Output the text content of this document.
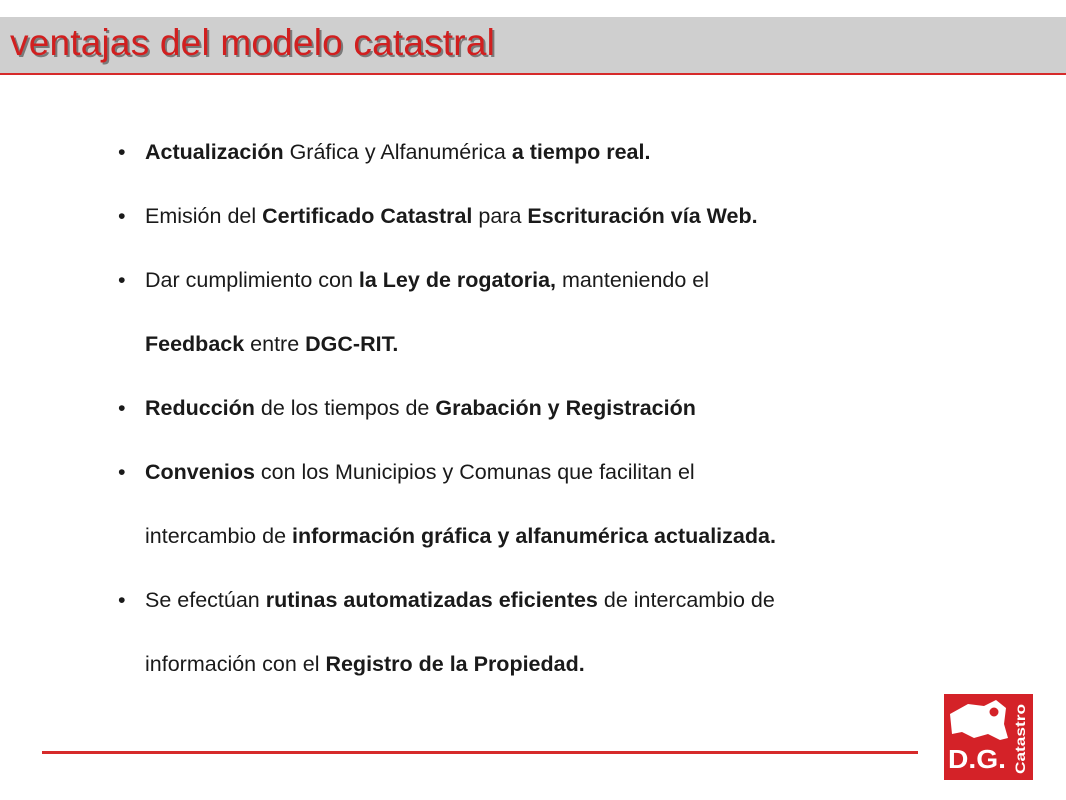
ventajas del modelo catastral
• Actualización Gráfica y Alfanumérica a tiempo real.
• Emisión del Certificado Catastral para Escrituración vía Web.
• Dar cumplimiento con la Ley de rogatoria, manteniendo el
Feedback entre DGC-RIT.
• Reducción de los tiempos de Grabación y Registración
• Convenios con los Municipios y Comunas que facilitan el
intercambio de información gráfica y alfanumérica actualizada.
• Se efectúan rutinas automatizadas eficientes de intercambio de
información con el Registro de la Propiedad.
D.G. Catastro
